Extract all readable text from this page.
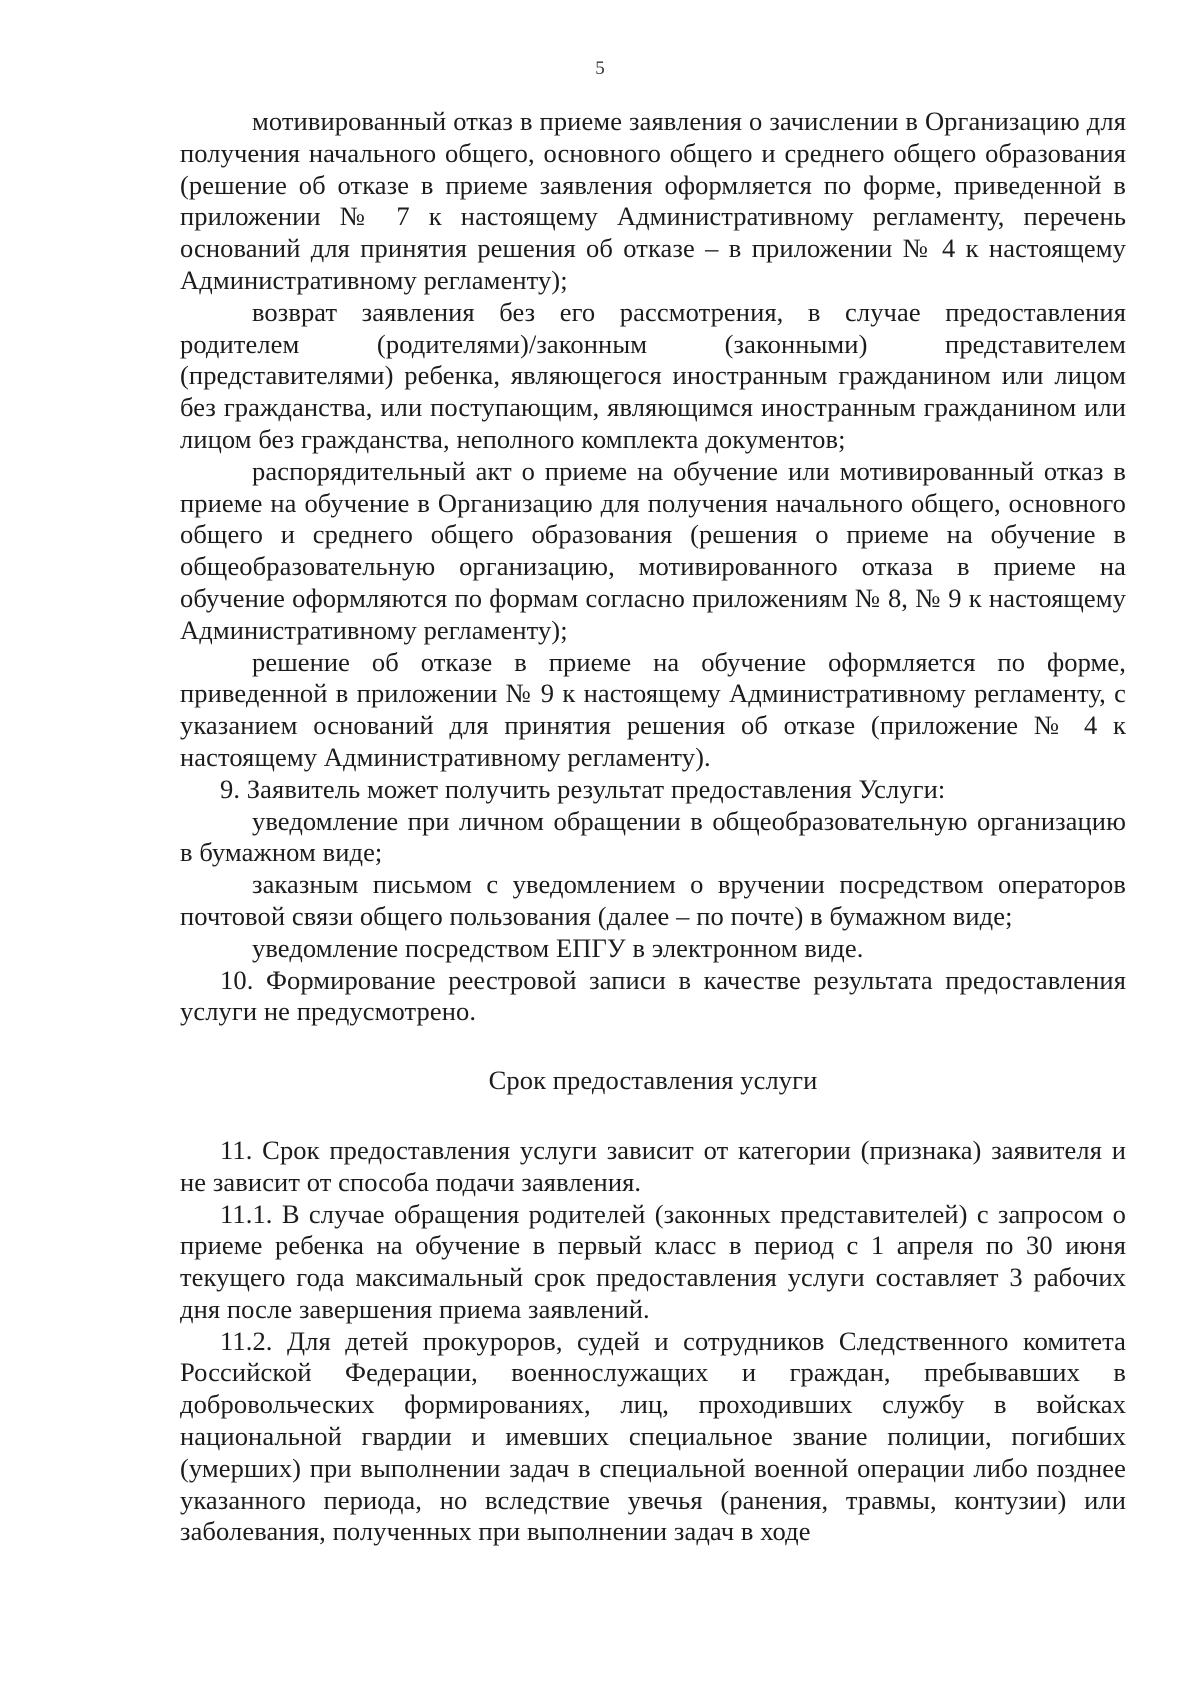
5

мотивированный отказ в приеме заявления о зачислении в Организацию для получения начального общего, основного общего и среднего общего образования (решение об отказе в приеме заявления оформляется по форме, приведенной в приложении № 7 к настоящему Административному регламенту, перечень оснований для принятия решения об отказе – в приложении № 4 к настоящему Административному регламенту);

возврат заявления без его рассмотрения, в случае предоставления родителем (родителями)/законным (законными) представителем (представителями) ребенка, являющегося иностранным гражданином или лицом без гражданства, или поступающим, являющимся иностранным гражданином или лицом без гражданства, неполного комплекта документов;

распорядительный акт о приеме на обучение или мотивированный отказ в приеме на обучение в Организацию для получения начального общего, основного общего и среднего общего образования (решения о приеме на обучение в общеобразовательную организацию, мотивированного отказа в приеме на обучение оформляются по формам согласно приложениям № 8, № 9 к настоящему Административному регламенту);

решение об отказе в приеме на обучение оформляется по форме, приведенной в приложении № 9 к настоящему Административному регламенту, с указанием оснований для принятия решения об отказе (приложение № 4 к настоящему Административному регламенту).

9. Заявитель может получить результат предоставления Услуги:

уведомление при личном обращении в общеобразовательную организацию в бумажном виде;

заказным письмом с уведомлением о вручении посредством операторов почтовой связи общего пользования (далее – по почте) в бумажном виде;

уведомление посредством ЕПГУ в электронном виде.

10. Формирование реестровой записи в качестве результата предоставления услуги не предусмотрено.

Срок предоставления услуги

11. Срок предоставления услуги зависит от категории (признака) заявителя и не зависит от способа подачи заявления.

11.1. В случае обращения родителей (законных представителей) с запросом о приеме ребенка на обучение в первый класс в период с 1 апреля по 30 июня текущего года максимальный срок предоставления услуги составляет 3 рабочих дня после завершения приема заявлений.

11.2. Для детей прокуроров, судей и сотрудников Следственного комитета Российской Федерации, военнослужащих и граждан, пребывавших в добровольческих формированиях, лиц, проходивших службу в войсках национальной гвардии и имевших специальное звание полиции, погибших (умерших) при выполнении задач в специальной военной операции либо позднее указанного периода, но вследствие увечья (ранения, травмы, контузии) или заболевания, полученных при выполнении задач в ходе
